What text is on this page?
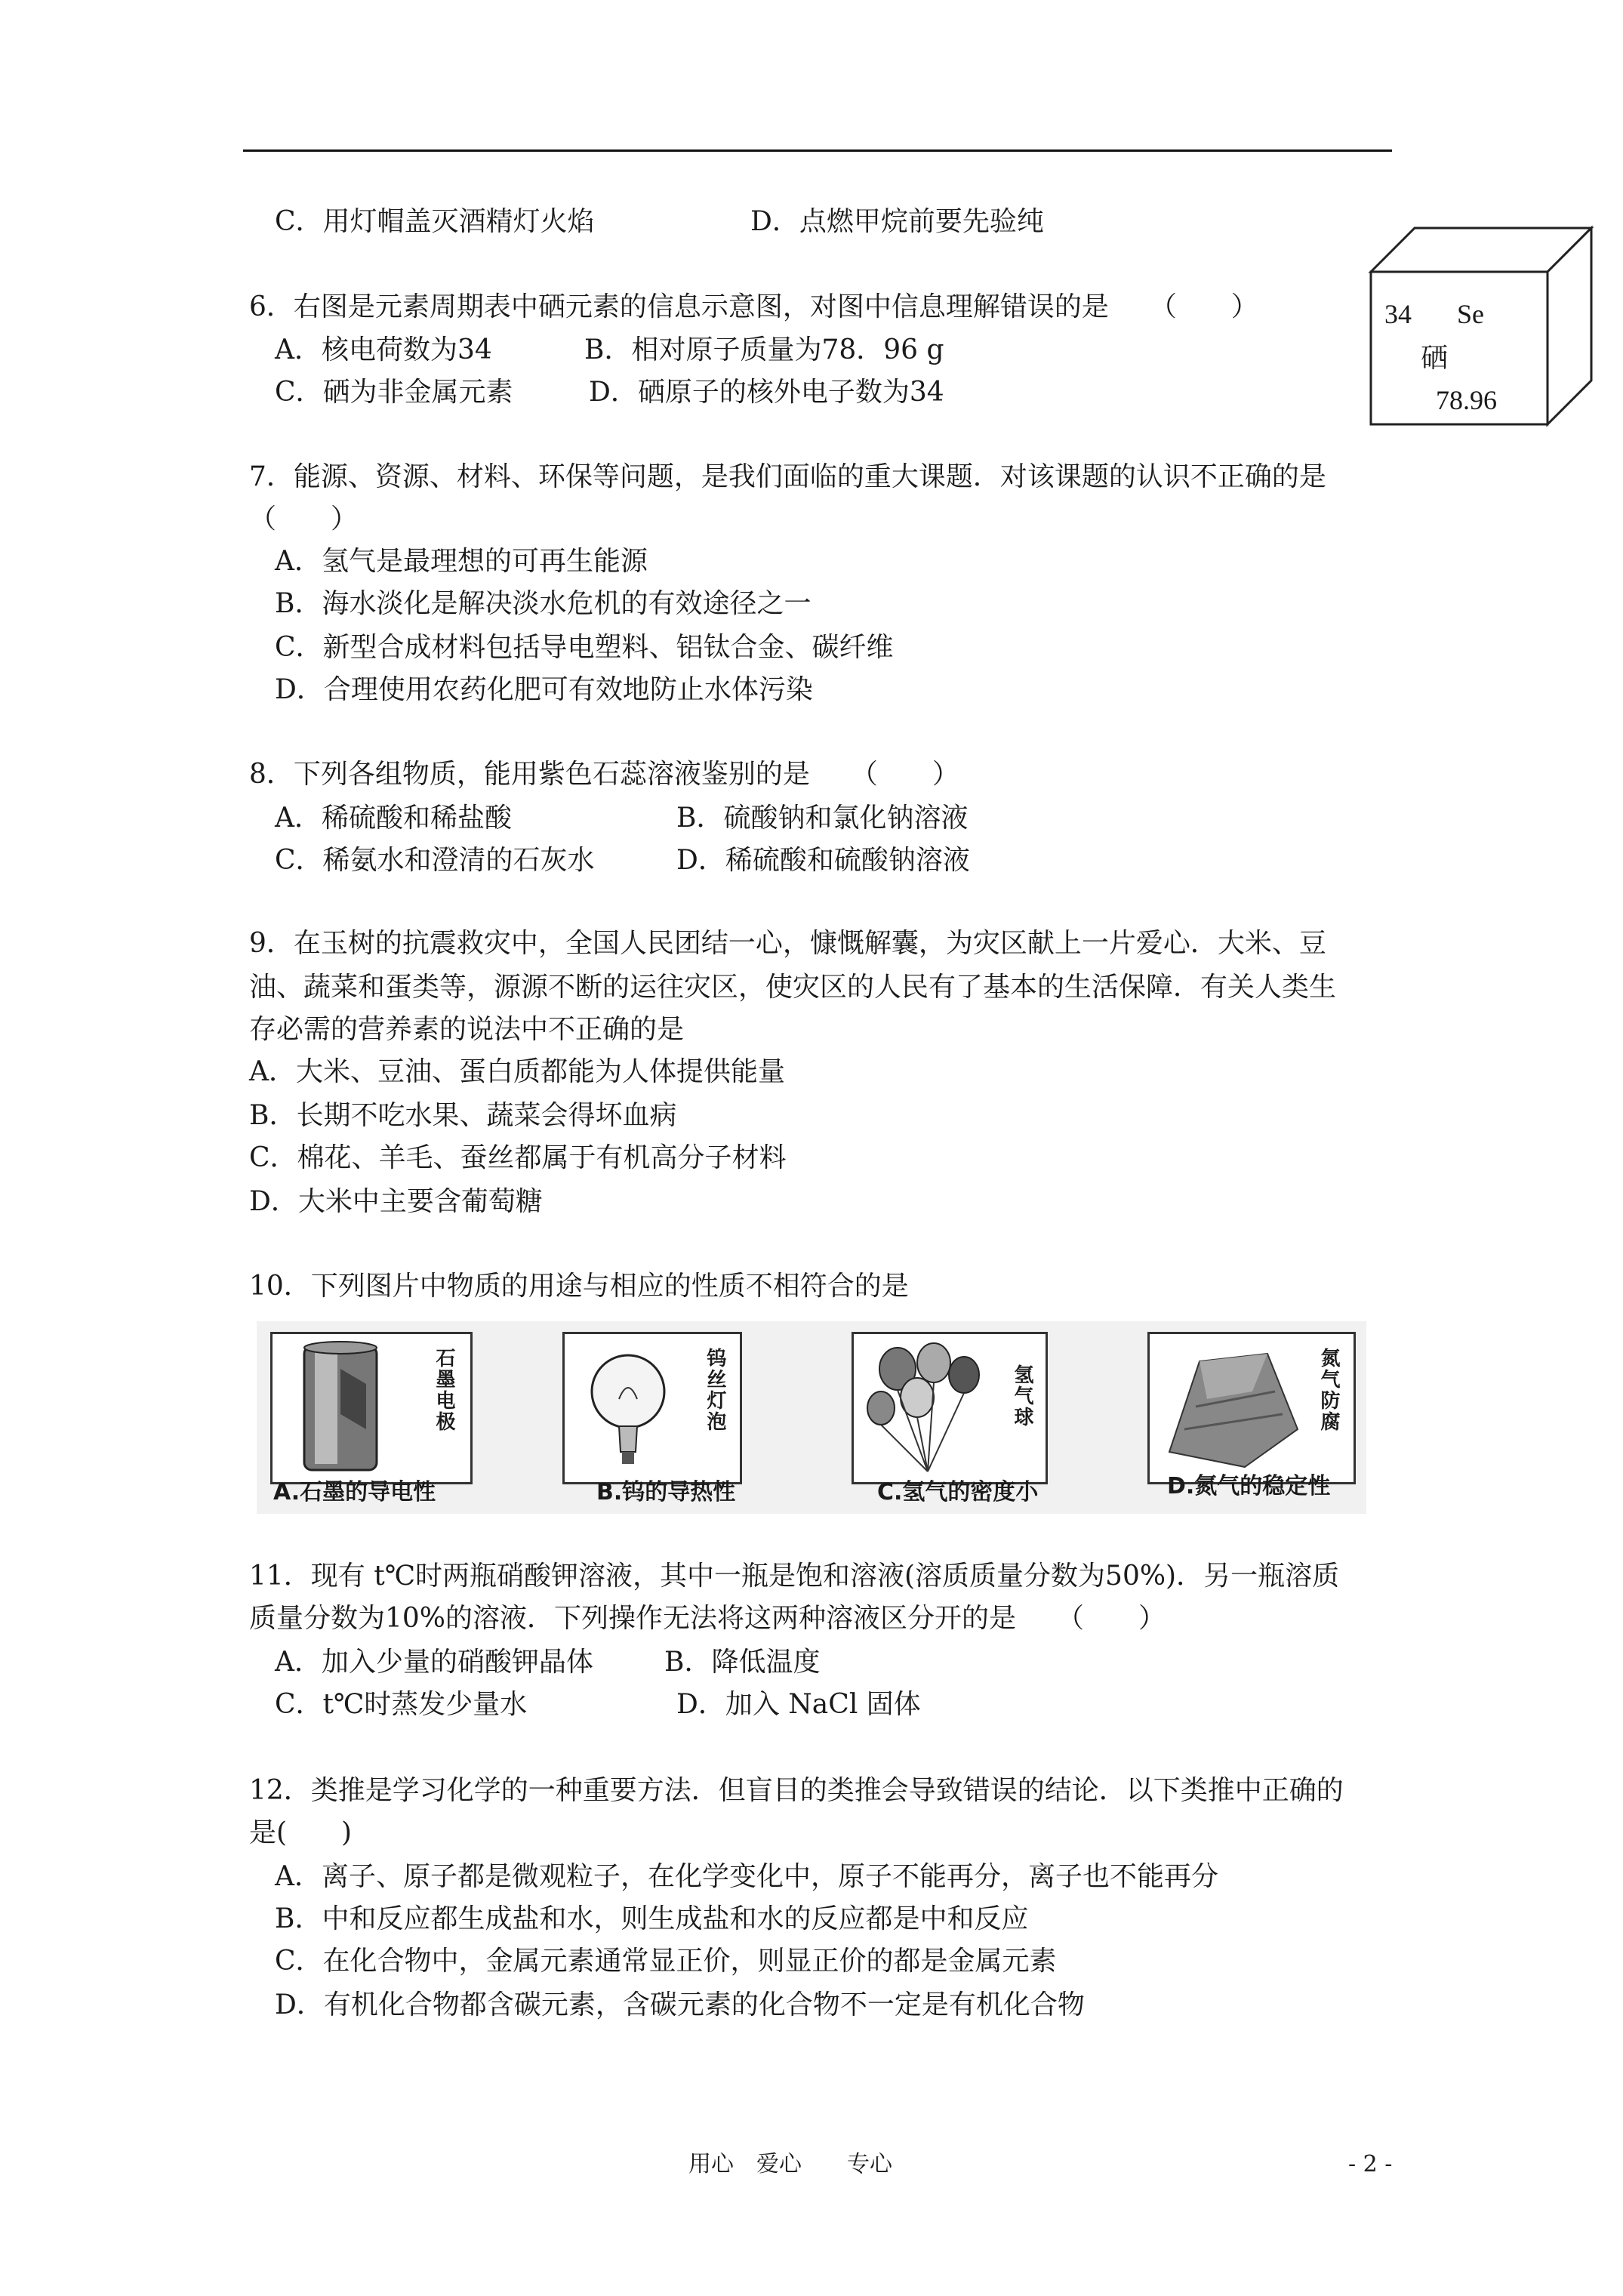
C．用灯帽盖灭酒精灯火焰	D．点燃甲烷前要先验纯
6．右图是元素周期表中硒元素的信息示意图，对图中信息理解错误的是　　（　　）
A．核电荷数为34	B．相对原子质量为78．96 g
C．硒为非金属元素	D．硒原子的核外电子数为34
34 Se
硒
78.96
7．能源、资源、材料、环保等问题，是我们面临的重大课题．对该课题的认识不正确的是
（　　）
A．氢气是最理想的可再生能源
B．海水淡化是解决淡水危机的有效途径之一
C．新型合成材料包括导电塑料、铝钛合金、碳纤维
D．合理使用农药化肥可有效地防止水体污染
8．下列各组物质，能用紫色石蕊溶液鉴别的是　　（　　）
A．稀硫酸和稀盐酸	B．硫酸钠和氯化钠溶液
C．稀氨水和澄清的石灰水	D．稀硫酸和硫酸钠溶液
9．在玉树的抗震救灾中，全国人民团结一心，慷慨解囊，为灾区献上一片爱心．大米、豆
油、蔬菜和蛋类等，源源不断的运往灾区，使灾区的人民有了基本的生活保障．有关人类生
存必需的营养素的说法中不正确的是
A．大米、豆油、蛋白质都能为人体提供能量
B．长期不吃水果、蔬菜会得坏血病
C．棉花、羊毛、蚕丝都属于有机高分子材料
D．大米中主要含葡萄糖
10．下列图片中物质的用途与相应的性质不相符合的是
石墨电极	钨丝灯泡	氢气球	氮气防腐
A.石墨的导电性	B.钨的导热性	C.氢气的密度小	D.氮气的稳定性
11．现有 t℃时两瓶硝酸钾溶液，其中一瓶是饱和溶液(溶质质量分数为50%)．另一瓶溶质
质量分数为10%的溶液．下列操作无法将这两种溶液区分开的是　　（　　）
A．加入少量的硝酸钾晶体	B．降低温度
C．t℃时蒸发少量水	D．加入 NaCl 固体
12．类推是学习化学的一种重要方法．但盲目的类推会导致错误的结论．以下类推中正确的
是(　　)
A．离子、原子都是微观粒子，在化学变化中，原子不能再分，离子也不能再分
B．中和反应都生成盐和水，则生成盐和水的反应都是中和反应
C．在化合物中，金属元素通常显正价，则显正价的都是金属元素
D．有机化合物都含碳元素，含碳元素的化合物不一定是有机化合物
用心　爱心　　专心	- 2 -
